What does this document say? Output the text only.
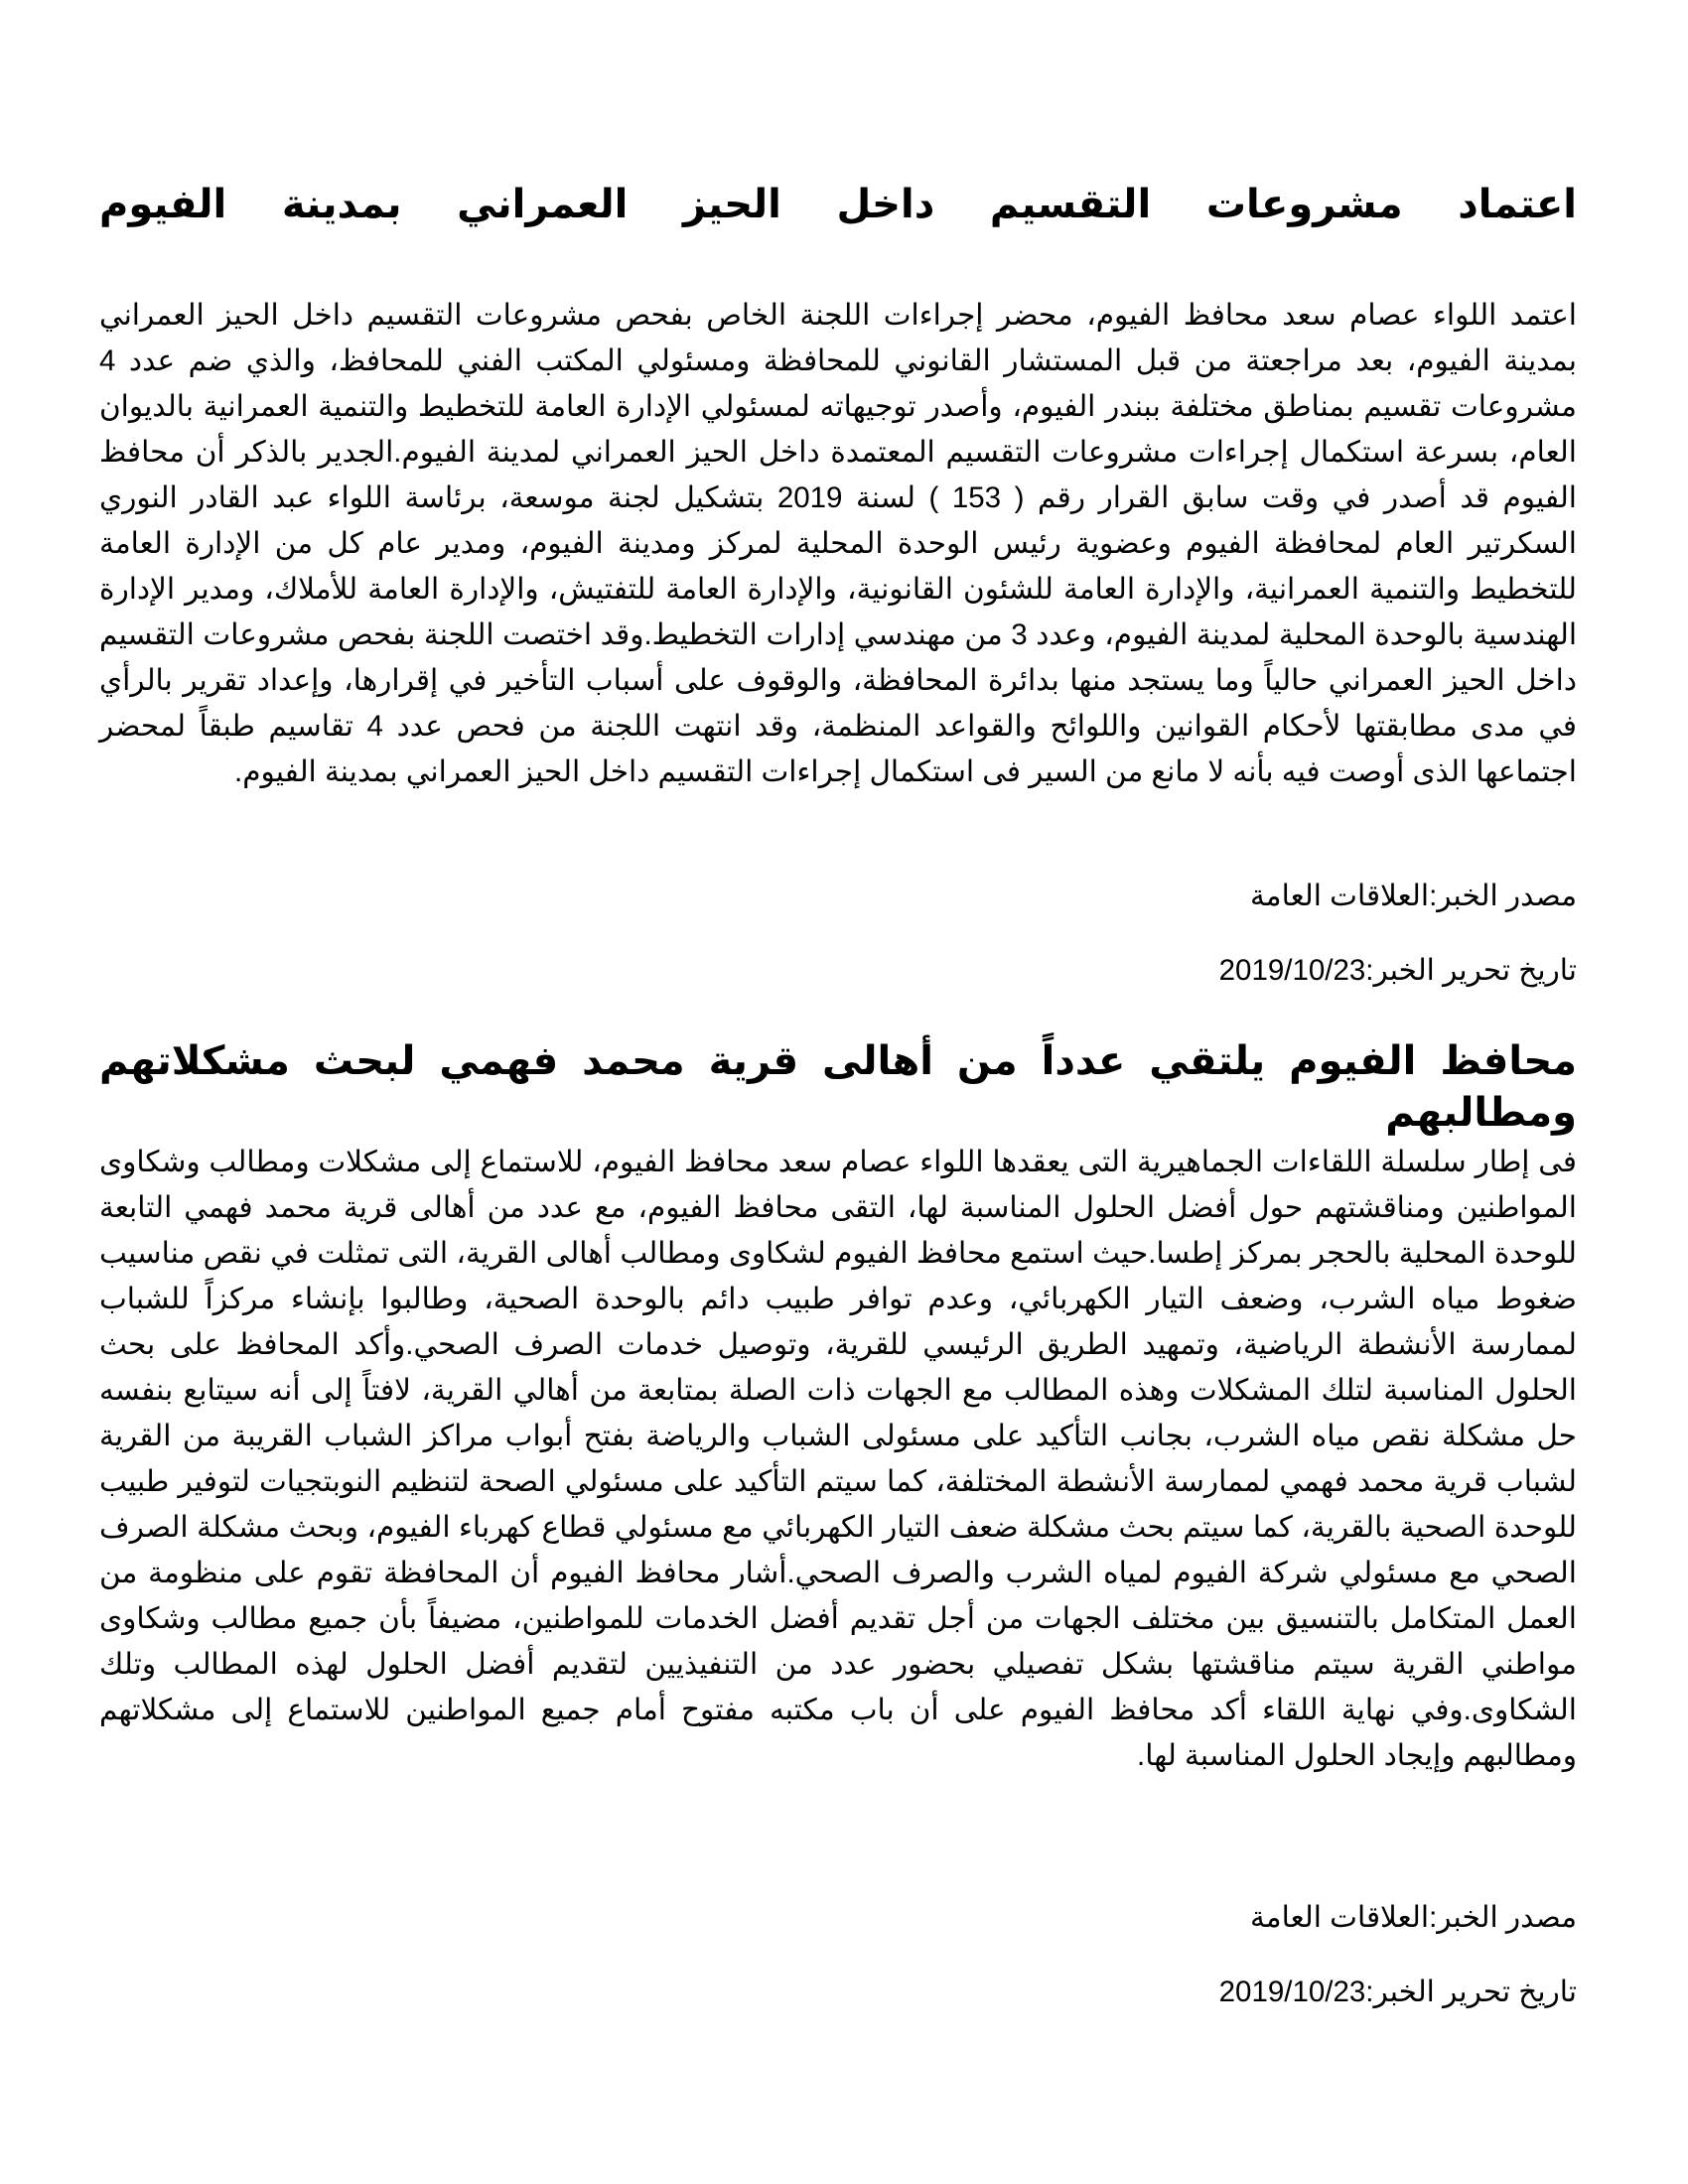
اعتماد مشروعات التقسيم داخل الحيز العمراني بمدينة الفيوم

اعتمد اللواء عصام سعد محافظ الفيوم، محضر إجراءات اللجنة الخاص بفحص مشروعات التقسيم داخل الحيز العمراني بمدينة الفيوم، بعد مراجعتة من قبل المستشار القانوني للمحافظة ومسئولي المكتب الفني للمحافظ، والذي ضم عدد 4 مشروعات تقسيم بمناطق مختلفة ببندر الفيوم، وأصدر توجيهاته لمسئولي الإدارة العامة للتخطيط والتنمية العمرانية بالديوان العام، بسرعة استكمال إجراءات مشروعات التقسيم المعتمدة داخل الحيز العمراني لمدينة الفيوم.الجدير بالذكر أن محافظ الفيوم قد أصدر في وقت سابق القرار رقم ( 153 ) لسنة 2019 بتشكيل لجنة موسعة، برئاسة اللواء عبد القادر النوري السكرتير العام لمحافظة الفيوم وعضوية رئيس الوحدة المحلية لمركز ومدينة الفيوم، ومدير عام كل من الإدارة العامة للتخطيط والتنمية العمرانية، والإدارة العامة للشئون القانونية، والإدارة العامة للتفتيش، والإدارة العامة للأملاك، ومدير الإدارة الهندسية بالوحدة المحلية لمدينة الفيوم، وعدد 3 من مهندسي إدارات التخطيط.وقد اختصت اللجنة بفحص مشروعات التقسيم داخل الحيز العمراني حالياً وما يستجد منها بدائرة المحافظة، والوقوف على أسباب التأخير في إقرارها، وإعداد تقرير بالرأي في مدى مطابقتها لأحكام القوانين واللوائح والقواعد المنظمة، وقد انتهت اللجنة من فحص عدد 4 تقاسيم طبقاً لمحضر اجتماعها الذى أوصت فيه بأنه لا مانع من السير فى استكمال إجراءات التقسيم داخل الحيز العمراني بمدينة الفيوم.

مصدر الخبر:العلاقات العامة

تاريخ تحرير الخبر:2019/10/23

محافظ الفيوم يلتقي عدداً من أهالى قرية محمد فهمي لبحث مشكلاتهم ومطالبهم

فى إطار سلسلة اللقاءات الجماهيرية التى يعقدها اللواء عصام سعد محافظ الفيوم، للاستماع إلى مشكلات ومطالب وشكاوى المواطنين ومناقشتهم حول أفضل الحلول المناسبة لها، التقى محافظ الفيوم، مع عدد من أهالى قرية محمد فهمي التابعة للوحدة المحلية بالحجر بمركز إطسا.حيث استمع محافظ الفيوم لشكاوى ومطالب أهالى القرية، التى تمثلت في نقص مناسيب ضغوط مياه الشرب، وضعف التيار الكهربائي، وعدم توافر طبيب دائم بالوحدة الصحية، وطالبوا بإنشاء مركزاً للشباب لممارسة الأنشطة الرياضية، وتمهيد الطريق الرئيسي للقرية، وتوصيل خدمات الصرف الصحي.وأكد المحافظ على بحث الحلول المناسبة لتلك المشكلات وهذه المطالب مع الجهات ذات الصلة بمتابعة من أهالي القرية، لافتاً إلى أنه سيتابع بنفسه حل مشكلة نقص مياه الشرب، بجانب التأكيد على مسئولى الشباب والرياضة بفتح أبواب مراكز الشباب القريبة من القرية لشباب قرية محمد فهمي لممارسة الأنشطة المختلفة، كما سيتم التأكيد على مسئولي الصحة لتنظيم النوبتجيات لتوفير طبيب للوحدة الصحية بالقرية، كما سيتم بحث مشكلة ضعف التيار الكهربائي مع مسئولي قطاع كهرباء الفيوم، وبحث مشكلة الصرف الصحي مع مسئولي شركة الفيوم لمياه الشرب والصرف الصحي.أشار محافظ الفيوم أن المحافظة تقوم على منظومة من العمل المتكامل بالتنسيق بين مختلف الجهات من أجل تقديم أفضل الخدمات للمواطنين، مضيفاً بأن جميع مطالب وشكاوى مواطني القرية سيتم مناقشتها بشكل تفصيلي بحضور عدد من التنفيذيين لتقديم أفضل الحلول لهذه المطالب وتلك الشكاوى.وفي نهاية اللقاء أكد محافظ الفيوم على أن باب مكتبه مفتوح أمام جميع المواطنين للاستماع إلى مشكلاتهم ومطالبهم وإيجاد الحلول المناسبة لها.

مصدر الخبر:العلاقات العامة

تاريخ تحرير الخبر:2019/10/23
